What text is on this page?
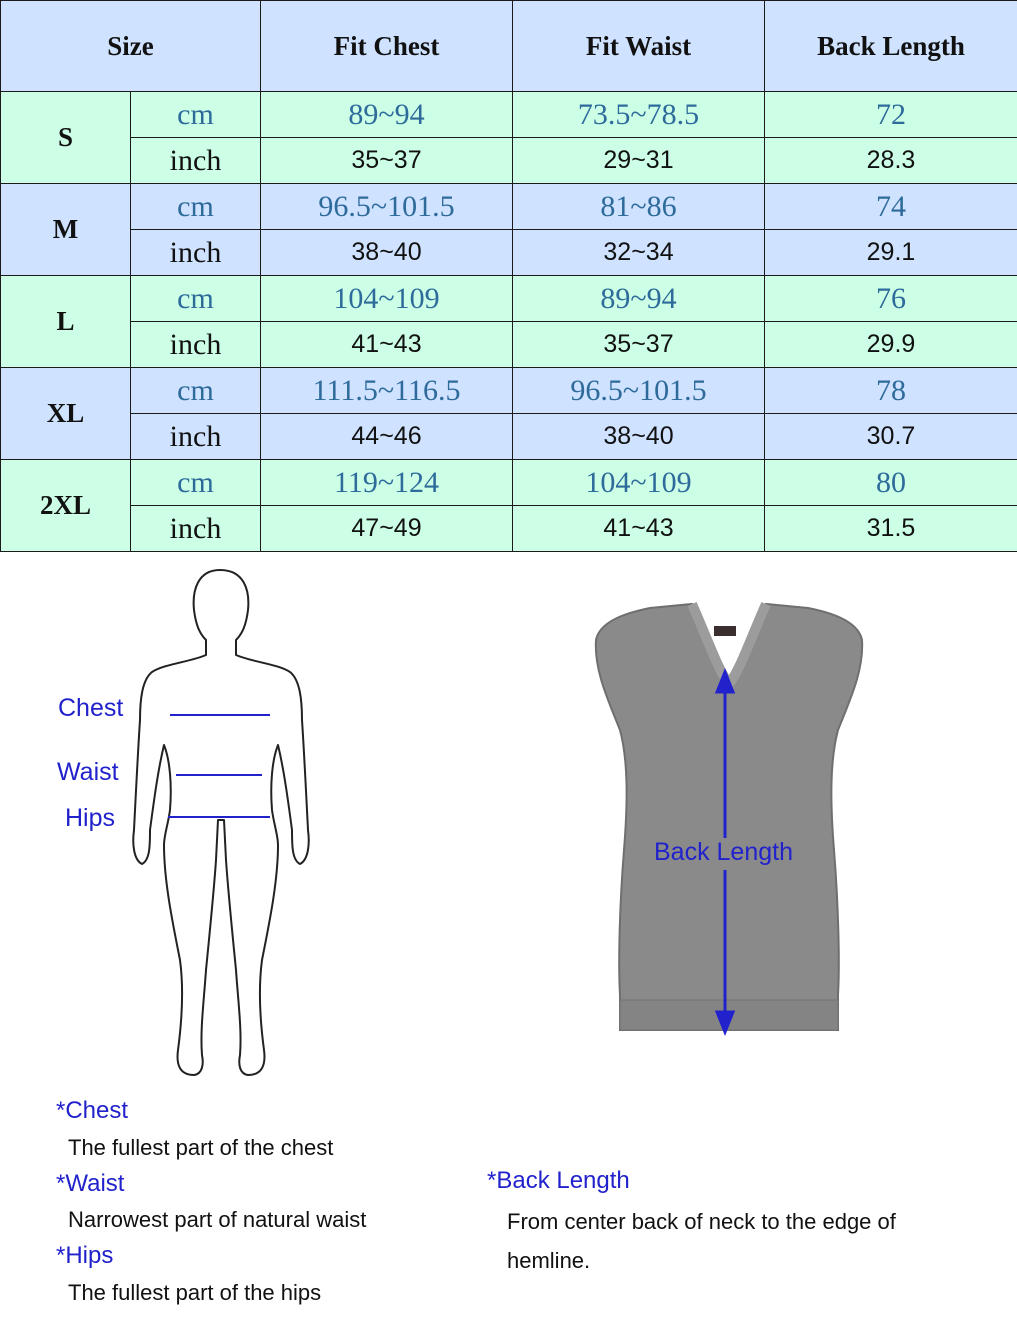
Size		Fit Chest	Fit Waist	Back Length
S	cm	89~94	73.5~78.5	72
	inch	35~37	29~31	28.3
M	cm	96.5~101.5	81~86	74
	inch	38~40	32~34	29.1
L	cm	104~109	89~94	76
	inch	41~43	35~37	29.9
XL	cm	111.5~116.5	96.5~101.5	78
	inch	44~46	38~40	30.7
2XL	cm	119~124	104~109	80
	inch	47~49	41~43	31.5
Chest
Waist
Hips
Back Length
*Chest
The fullest part of the chest
*Waist
Narrowest part of natural waist
*Hips
The fullest part of the hips
*Back Length
From center back of neck to the edge of
hemline.
